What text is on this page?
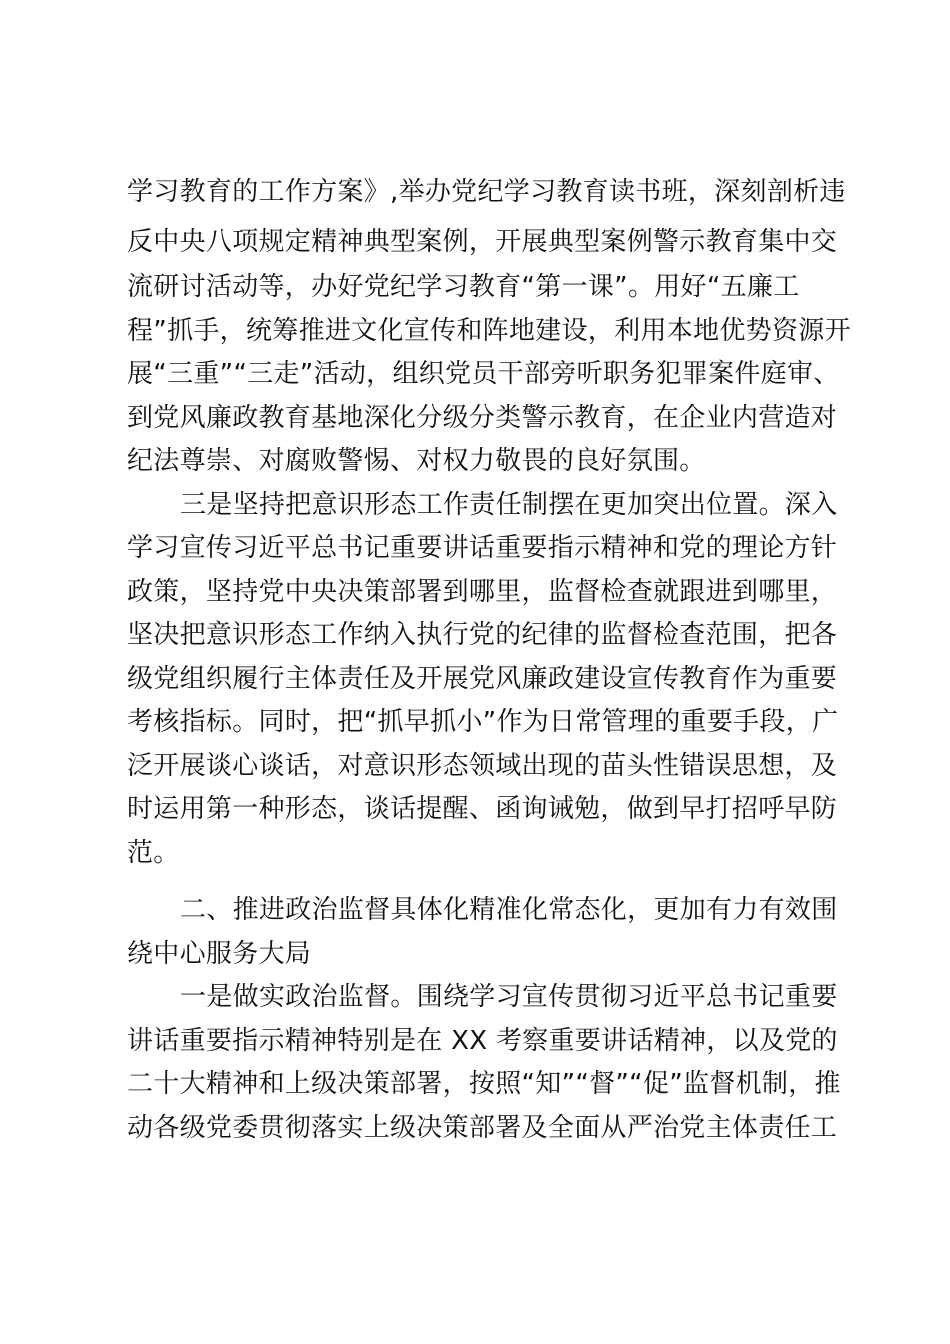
学习教育的工作方案》,举办党纪学习教育读书班，深刻剖析违
反中央八项规定精神典型案例，开展典型案例警示教育集中交
流研讨活动等，办好党纪学习教育“第一课”。用好“五廉工
程”抓手，统筹推进文化宣传和阵地建设，利用本地优势资源开
展“三重”“三走”活动，组织党员干部旁听职务犯罪案件庭审、
到党风廉政教育基地深化分级分类警示教育，在企业内营造对
纪法尊崇、对腐败警惕、对权力敬畏的良好氛围。
三是坚持把意识形态工作责任制摆在更加突出位置。深入
学习宣传习近平总书记重要讲话重要指示精神和党的理论方针
政策，坚持党中央决策部署到哪里，监督检查就跟进到哪里，
坚决把意识形态工作纳入执行党的纪律的监督检查范围，把各
级党组织履行主体责任及开展党风廉政建设宣传教育作为重要
考核指标。同时，把“抓早抓小”作为日常管理的重要手段，广
泛开展谈心谈话，对意识形态领域出现的苗头性错误思想，及
时运用第一种形态，谈话提醒、函询诫勉，做到早打招呼早防
范。
二、推进政治监督具体化精准化常态化，更加有力有效围
绕中心服务大局
一是做实政治监督。围绕学习宣传贯彻习近平总书记重要
讲话重要指示精神特别是在 XX 考察重要讲话精神，以及党的
二十大精神和上级决策部署，按照“知”“督”“促”监督机制，推
动各级党委贯彻落实上级决策部署及全面从严治党主体责任工
